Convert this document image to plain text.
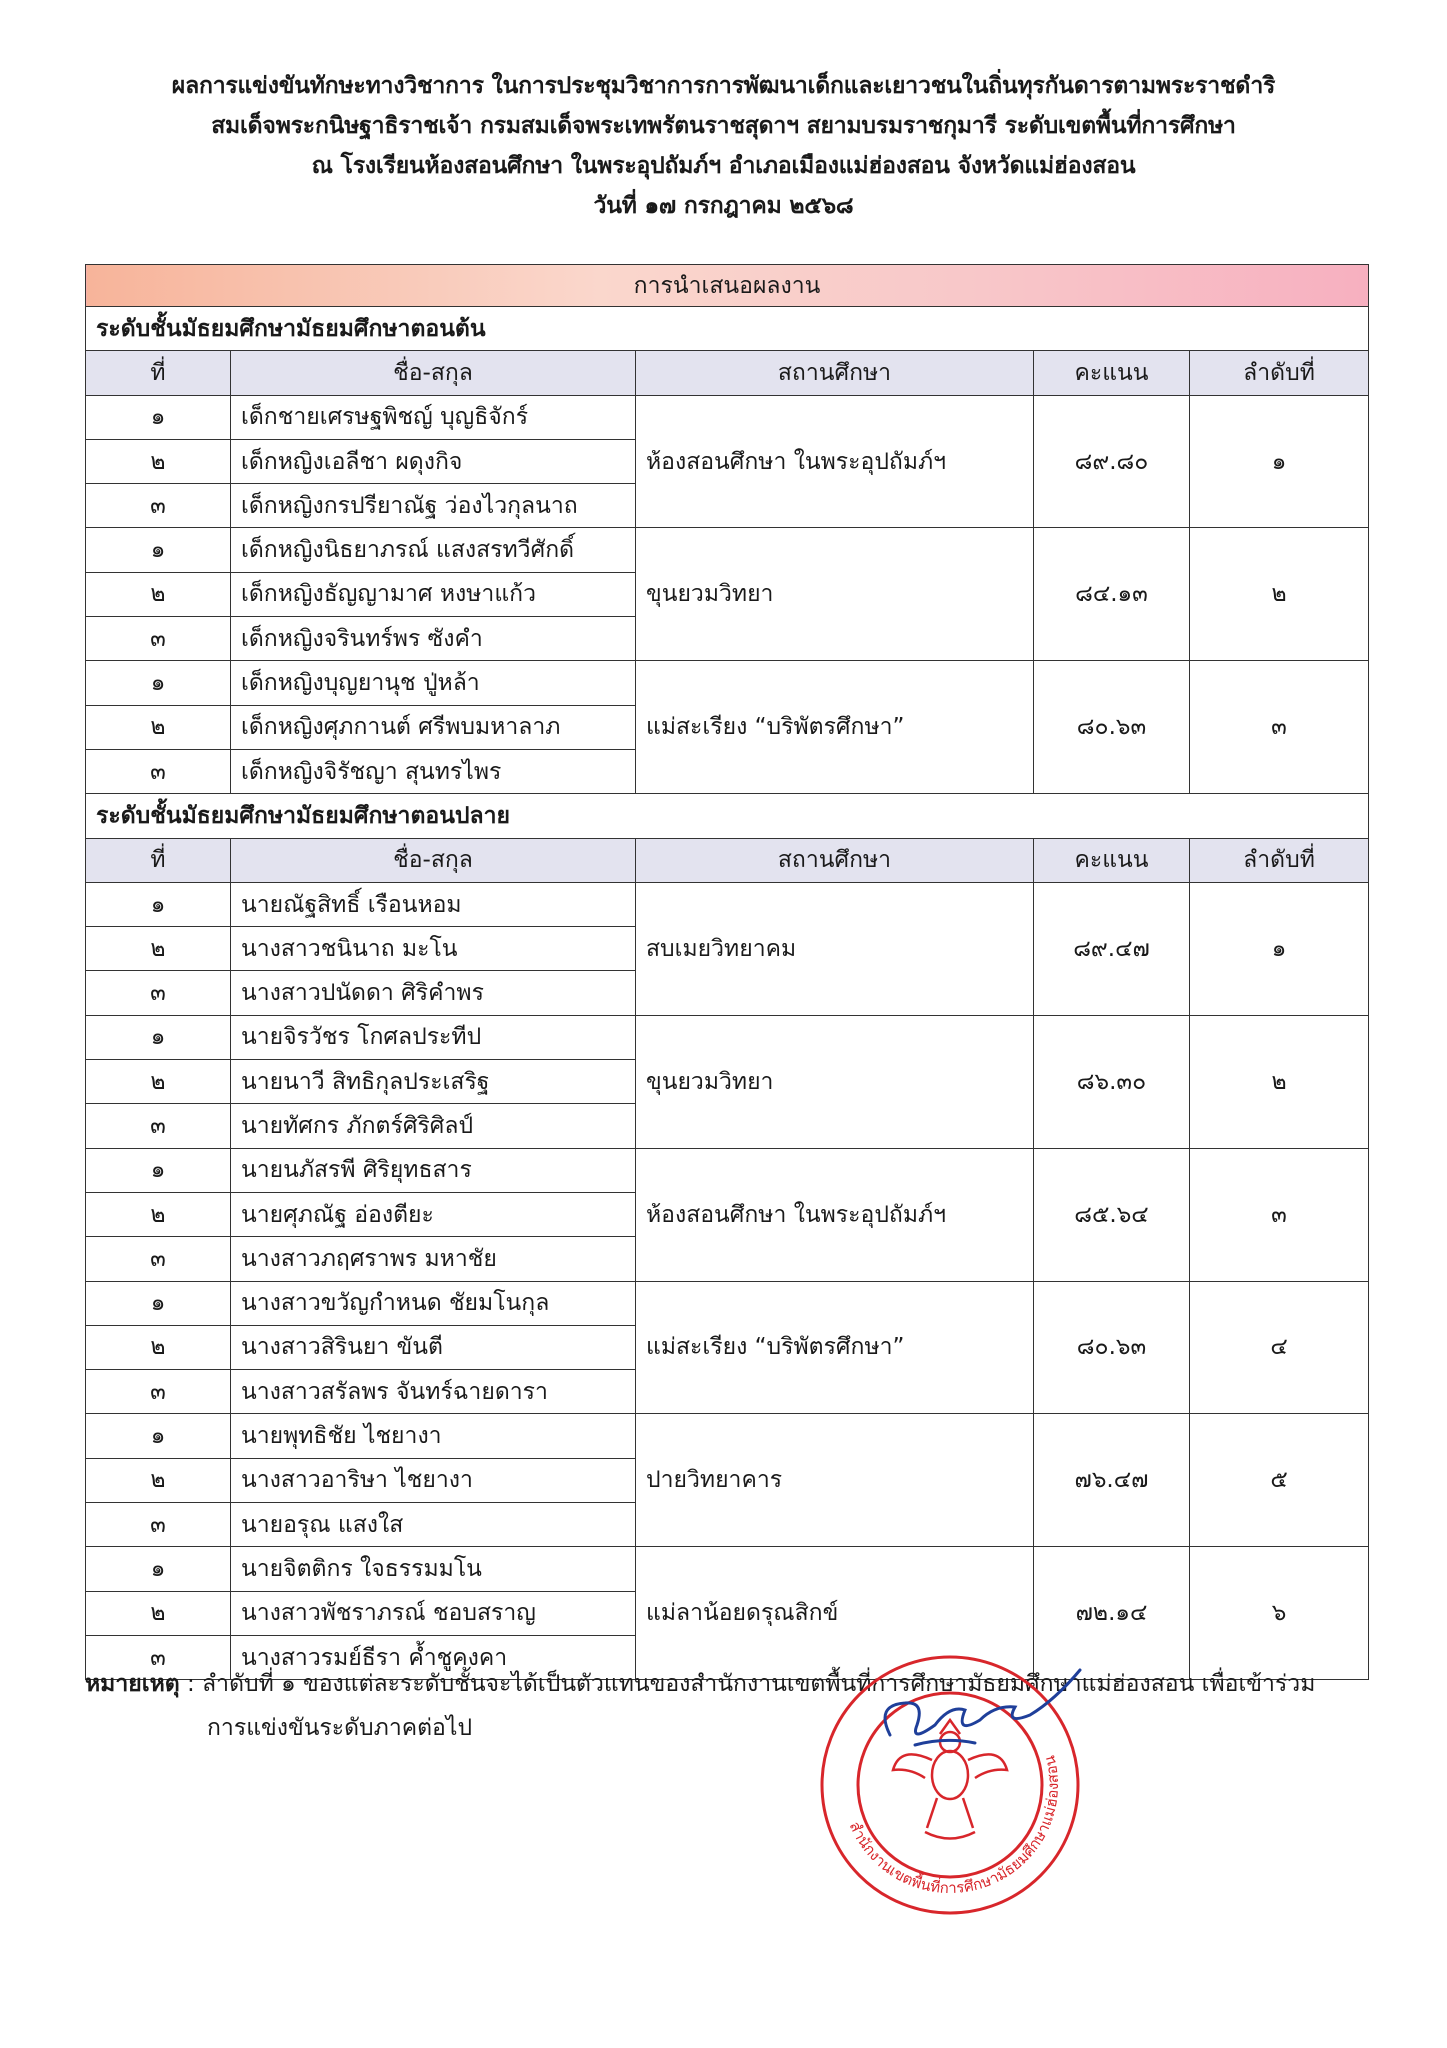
ผลการแข่งขันทักษะทางวิชาการ ในการประชุมวิชาการการพัฒนาเด็กและเยาวชนในถิ่นทุรกันดารตามพระราชดำริ
สมเด็จพระกนิษฐาธิราชเจ้า กรมสมเด็จพระเทพรัตนราชสุดาฯ สยามบรมราชกุมารี ระดับเขตพื้นที่การศึกษา
ณ โรงเรียนห้องสอนศึกษา ในพระอุปถัมภ์ฯ อำเภอเมืองแม่ฮ่องสอน จังหวัดแม่ฮ่องสอน
วันที่ ๑๗ กรกฎาคม ๒๕๖๘
การนำเสนอผลงาน				
ระดับชั้นมัธยมศึกษามัธยมศึกษาตอนต้น				
ที่	ชื่อ-สกุล	สถานศึกษา	คะแนน	ลำดับที่
๑	เด็กชายเศรษฐพิชญ์ บุญธิจักร์	ห้องสอนศึกษา ในพระอุปถัมภ์ฯ	๘๙.๘๐	๑
๒	เด็กหญิงเอลีชา ผดุงกิจ			
๓	เด็กหญิงกรปรียาณัฐ ว่องไวกุลนาถ			
๑	เด็กหญิงนิธยาภรณ์ แสงสรทวีศักดิ์	ขุนยวมวิทยา	๘๔.๑๓	๒
๒	เด็กหญิงธัญญามาศ หงษาแก้ว			
๓	เด็กหญิงจรินทร์พร ซังคำ			
๑	เด็กหญิงบุญยานุช ปู่หล้า	แม่สะเรียง “บริพัตรศึกษา”	๘๐.๖๓	๓
๒	เด็กหญิงศุภกานต์ ศรีพบมหาลาภ			
๓	เด็กหญิงจิรัชญา สุนทรไพร			
ระดับชั้นมัธยมศึกษามัธยมศึกษาตอนปลาย				
ที่	ชื่อ-สกุล	สถานศึกษา	คะแนน	ลำดับที่
๑	นายณัฐสิทธิ์ เรือนหอม	สบเมยวิทยาคม	๘๙.๔๗	๑
๒	นางสาวชนินาถ มะโน			
๓	นางสาวปนัดดา ศิริคำพร			
๑	นายจิรวัชร โกศลประทีป	ขุนยวมวิทยา	๘๖.๓๐	๒
๒	นายนาวี สิทธิกุลประเสริฐ			
๓	นายทัศกร ภักตร์ศิริศิลป์			
๑	นายนภัสรพี ศิริยุทธสาร	ห้องสอนศึกษา ในพระอุปถัมภ์ฯ	๘๕.๖๔	๓
๒	นายศุภณัฐ อ่องตียะ			
๓	นางสาวภฤศราพร มหาชัย			
๑	นางสาวขวัญกำหนด ชัยมโนกุล	แม่สะเรียง “บริพัตรศึกษา”	๘๐.๖๓	๔
๒	นางสาวสิรินยา ขันตี			
๓	นางสาวสรัลพร จันทร์ฉายดารา			
๑	นายพุทธิชัย ไชยางา	ปายวิทยาคาร	๗๖.๔๗	๕
๒	นางสาวอาริษา ไชยางา			
๓	นายอรุณ แสงใส			
๑	นายจิตติกร ใจธรรมมโน	แม่ลาน้อยดรุณสิกข์	๗๒.๑๔	๖
๒	นางสาวพัชราภรณ์ ชอบสราญ			
๓	นางสาวรมย์ธีรา ค้ำชูคงคา			
หมายเหตุ : ลำดับที่ ๑ ของแต่ละระดับชั้นจะได้เป็นตัวแทนของสำนักงานเขตพื้นที่การศึกษามัธยมศึกษาแม่ฮ่องสอน เพื่อเข้าร่วม
การแข่งขันระดับภาคต่อไป
สำนักงานเขตพื้นที่การศึกษามัธยมศึกษาแม่ฮ่องสอน
